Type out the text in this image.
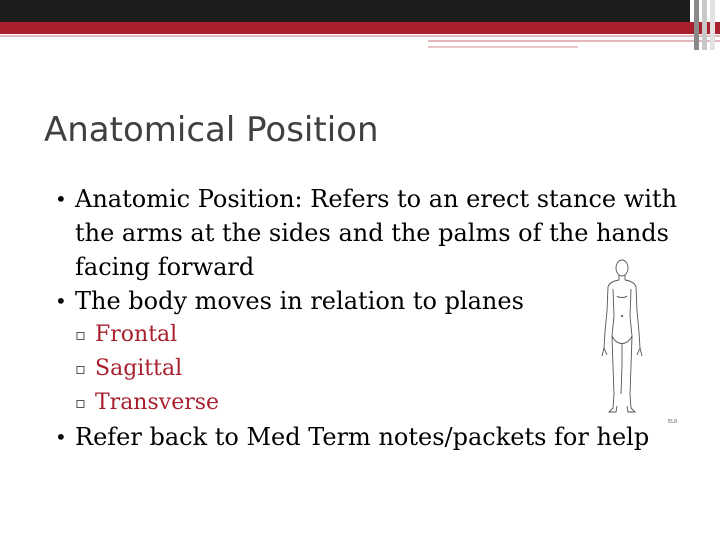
Anatomical Position

• Anatomic Position: Refers to an erect stance with the arms at the sides and the palms of the hands facing forward

• The body moves in relation to planes

▫ Frontal

▫ Sagittal

▫ Transverse

• Refer back to Med Term notes/packets for help

ELR
